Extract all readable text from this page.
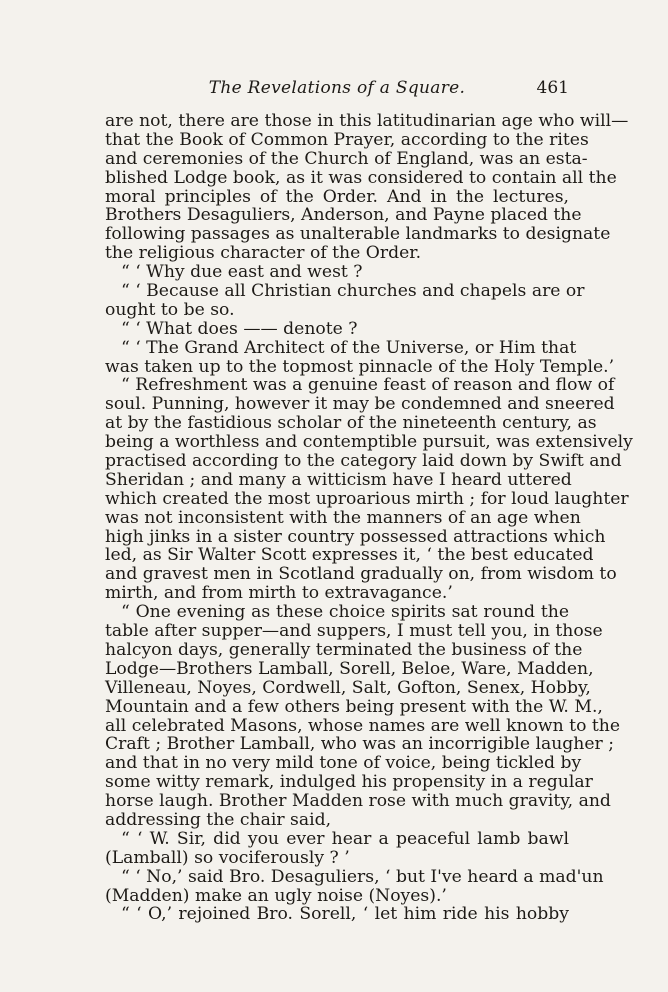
The Revelations of a Square.	461
are not, there are those in this latitudinarian age who will—
that the Book of Common Prayer, according to the rites
and ceremonies of the Church of England, was an esta-
blished Lodge book, as it was considered to contain all the
moral principles of the Order. And in the lectures,
Brothers Desaguliers, Anderson, and Payne placed the
following passages as unalterable landmarks to designate
the religious character of the Order.
“ ‘ Why due east and west ?
“ ‘ Because all Christian churches and chapels are or
ought to be so.
“ ‘ What does —— denote ?
“ ‘ The Grand Architect of the Universe, or Him that
was taken up to the topmost pinnacle of the Holy Temple.’
“ Refreshment was a genuine feast of reason and flow of
soul. Punning, however it may be condemned and sneered
at by the fastidious scholar of the nineteenth century, as
being a worthless and contemptible pursuit, was extensively
practised according to the category laid down by Swift and
Sheridan ; and many a witticism have I heard uttered
which created the most uproarious mirth ; for loud laughter
was not inconsistent with the manners of an age when
high jinks in a sister country possessed attractions which
led, as Sir Walter Scott expresses it, ‘ the best educated
and gravest men in Scotland gradually on, from wisdom to
mirth, and from mirth to extravagance.’
“ One evening as these choice spirits sat round the
table after supper—and suppers, I must tell you, in those
halcyon days, generally terminated the business of the
Lodge—Brothers Lamball, Sorell, Beloe, Ware, Madden,
Villeneau, Noyes, Cordwell, Salt, Gofton, Senex, Hobby,
Mountain and a few others being present with the W. M.,
all celebrated Masons, whose names are well known to the
Craft ; Brother Lamball, who was an incorrigible laugher ;
and that in no very mild tone of voice, being tickled by
some witty remark, indulged his propensity in a regular
horse laugh. Brother Madden rose with much gravity, and
addressing the chair said,
“ ‘ W. Sir, did you ever hear a peaceful lamb bawl
(Lamball) so vociferously ? ’
“ ‘ No,’ said Bro. Desaguliers, ‘ but I've heard a mad'un
(Madden) make an ugly noise (Noyes).’
“ ‘ O,’ rejoined Bro. Sorell, ‘ let him ride his hobby
